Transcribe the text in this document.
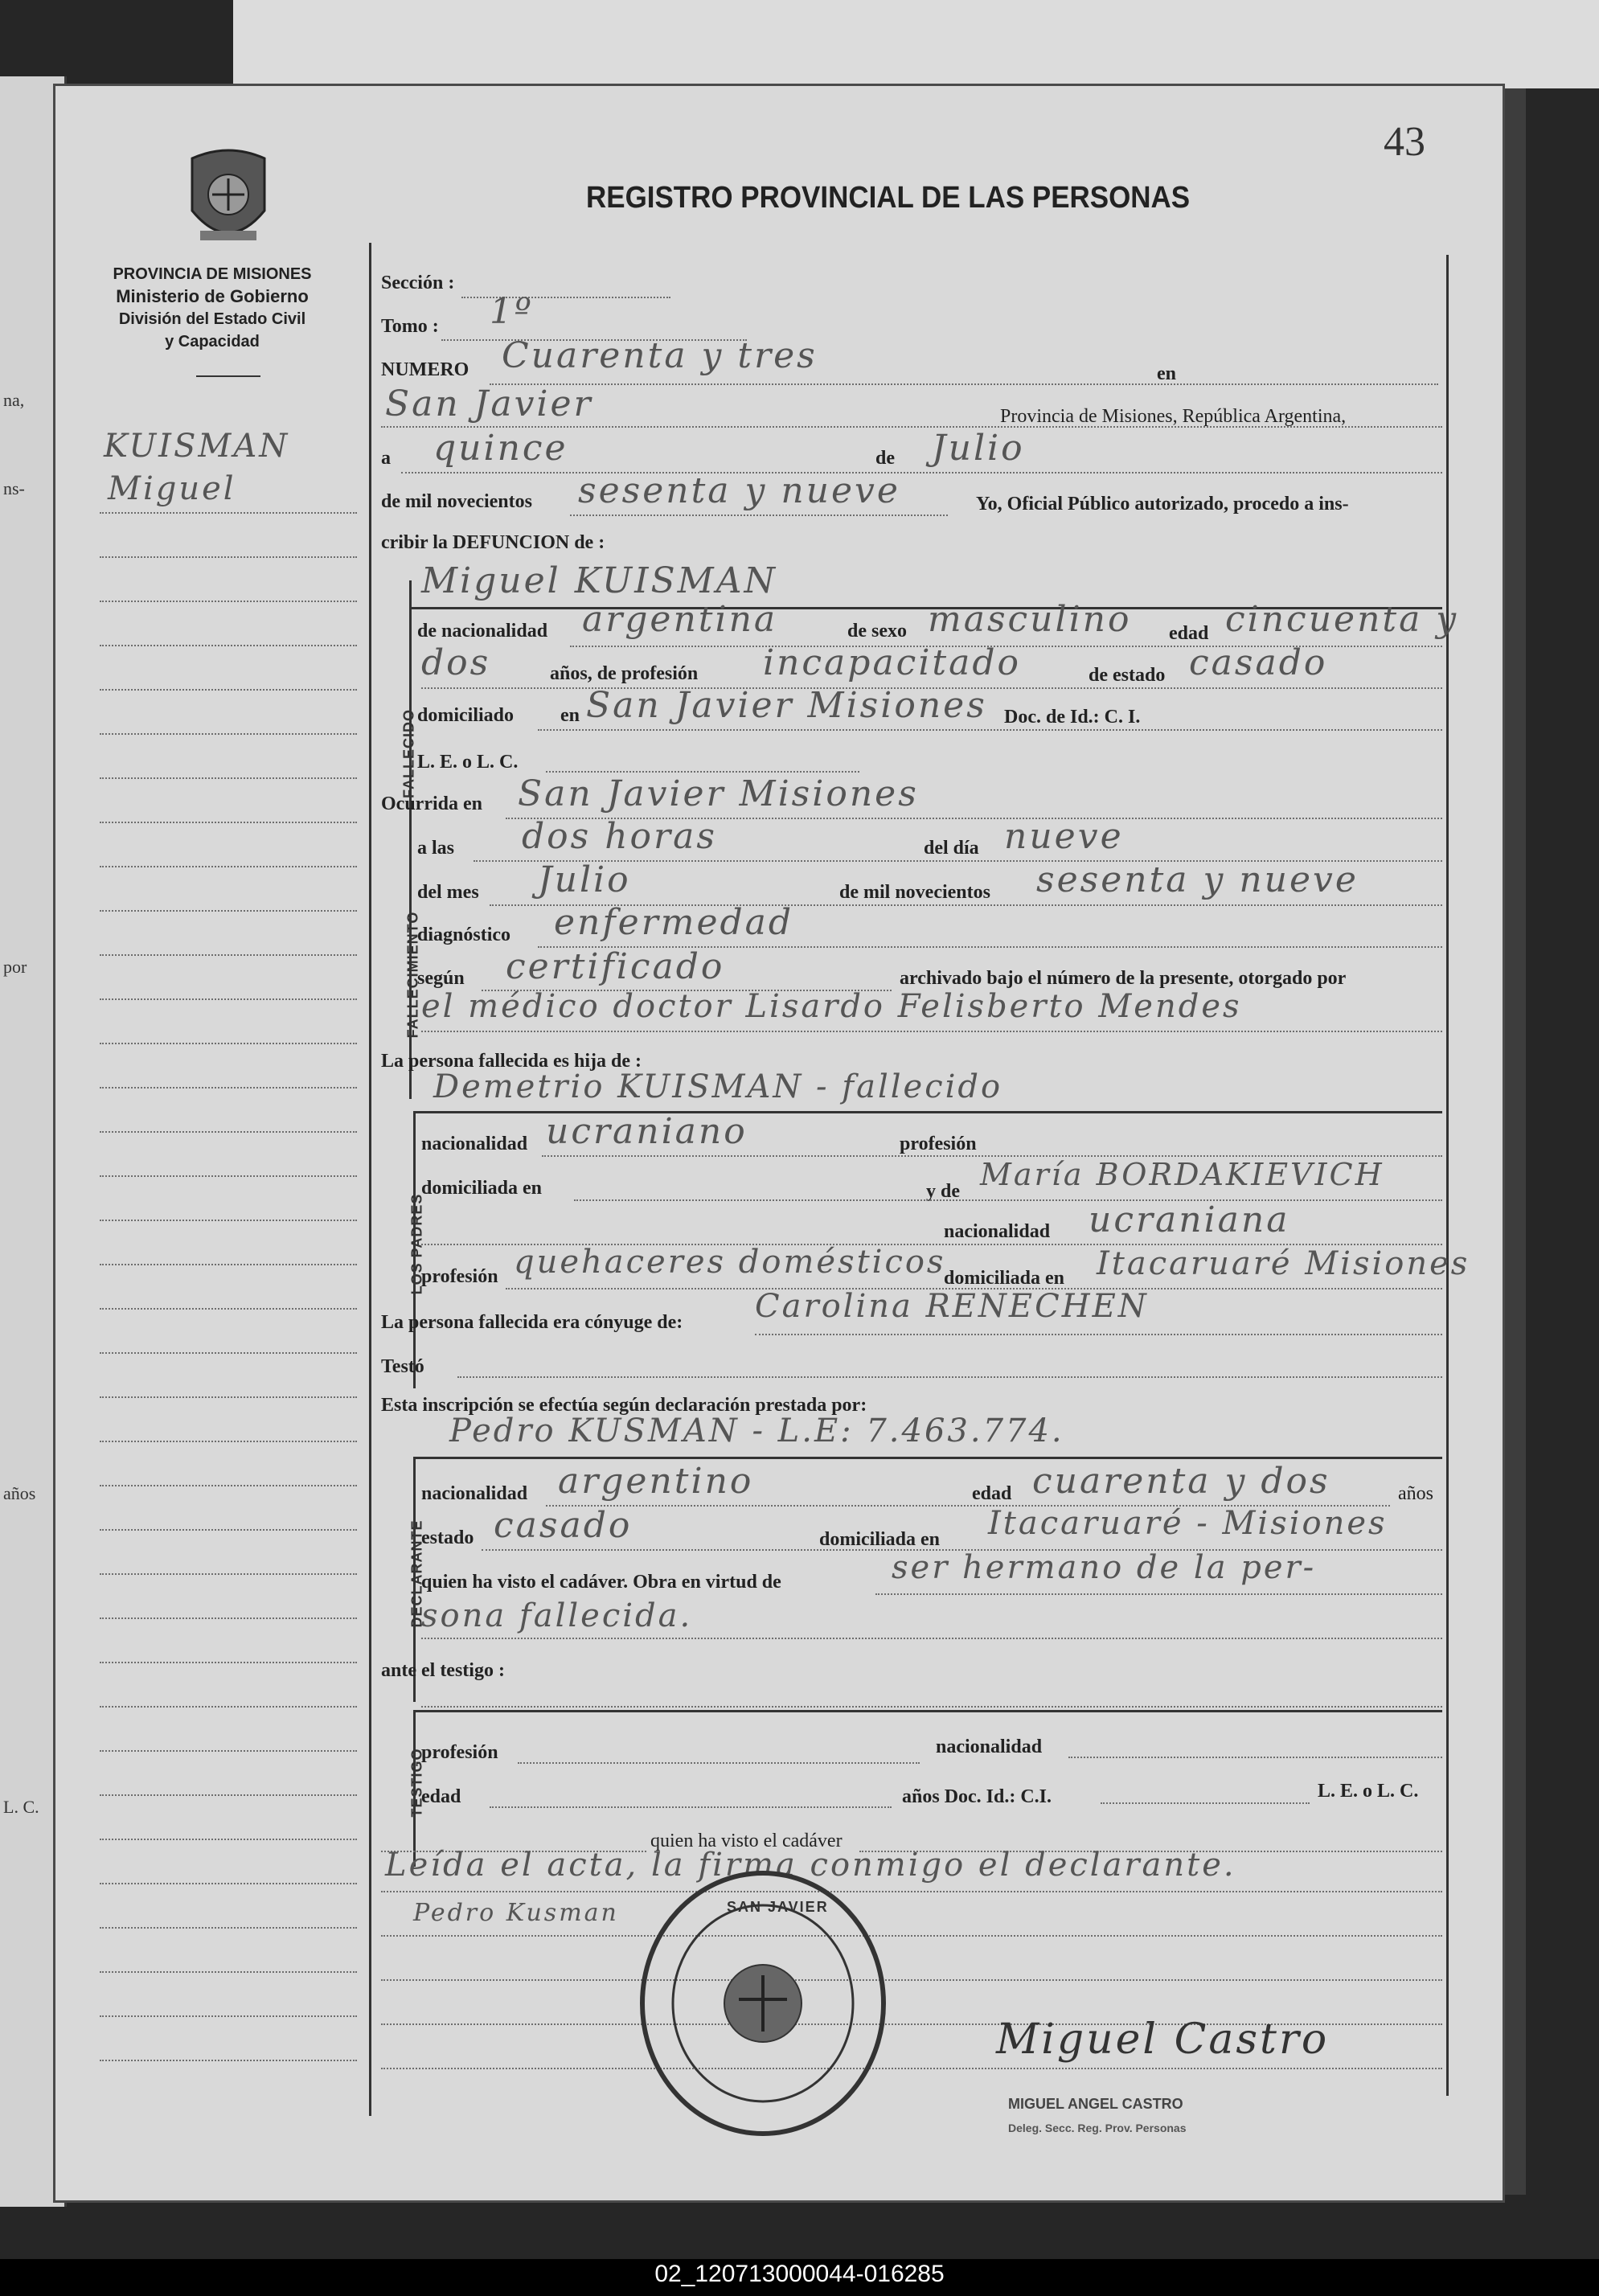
na,
ns-
por
años
L. C.
43
PROVINCIA DE MISIONES
Ministerio de Gobierno
División del Estado Civil
y Capacidad
REGISTRO PROVINCIAL DE LAS PERSONAS
KUISMAN
Miguel
Sección :
Tomo : 1º
NUMERO Cuarenta y tres	en
San Javier	Provincia de Misiones, República Argentina,
a quince	de Julio
de mil novecientos sesenta y nueve	Yo, Oficial Público autorizado, procedo a ins-
cribir la DEFUNCION de :
FALLECIDO
Miguel KUISMAN
de nacionalidad argentina	de sexo masculino edad cincuenta y
dos	años, de profesión incapacitado	de estado casado
domiciliado en San Javier Misiones Doc. de Id.: C. I.
L. E. o L. C.
Ocurrida en San Javier Misiones
FALLECIMIENTO
a las dos horas	del día nueve
del mes Julio	de mil novecientos sesenta y nueve
diagnóstico enfermedad
según certificado	archivado bajo el número de la presente, otorgado por
el médico doctor Lisardo Felisberto Mendes
La persona fallecida es hija de :
Demetrio KUISMAN - fallecido
LOS PADRES
nacionalidad ucraniano	profesión
domiciliada en	y de María BORDAKIEVICH
nacionalidad ucraniana
profesión quehaceres domésticos
domiciliada en Itacaruaré Misiones
La persona fallecida era cónyuge de: Carolina RENECHEN
Testó
Esta inscripción se efectúa según declaración prestada por:
Pedro KUSMAN - L.E: 7.463.774.
DECLARANTE
nacionalidad argentino	edad cuarenta y dos	años
estado casado	domiciliada en Itacaruaré - Misiones
quien ha visto el cadáver. Obra en virtud de	ser hermano de la per-
sona fallecida.
ante el testigo :
TESTIGO
profesión	nacionalidad
edad	años Doc. Id.: C.I.	L. E. o L. C.
quien ha visto el cadáver
Leída el acta, la firma conmigo el declarante.
Pedro Kusman	SAN JAVIER
Miguel Castro
MIGUEL ANGEL CASTRO
Deleg. Secc. Reg. Prov. Personas
02_120713000044-016285
